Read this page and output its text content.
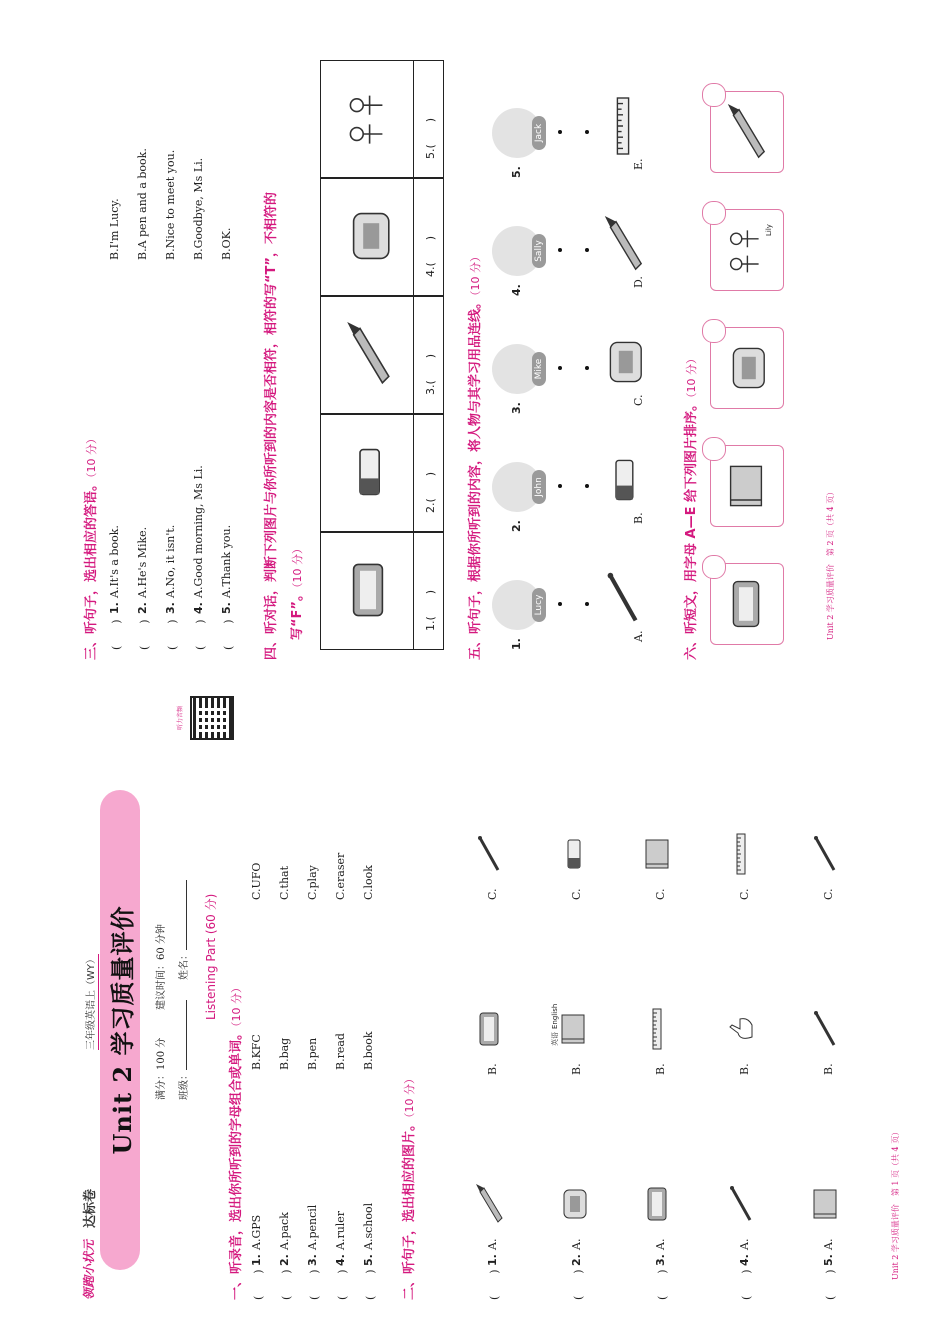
领跑小状元
达标卷
三年级英语上（WY） Unit 2 学习质量评价	满分：100 分
建议时间：60 分钟
班级：
姓名：
听力音频
Listening Part (60 分)
一、听录音，选出你所听到的字母组合或单词。（10 分）
(　　)
1.
A.GPS
B.KFC
C.UFO
(　　)
2.
A.pack
B.bag
C.that
(　　)
3.
A.pencil
B.pen
C.play
(　　)
4.
A.ruler
B.read
C.eraser
(　　)
5.
A.school
B.book
C.look
二、听句子，选出相应的图片。（10 分）
(　　)
1.
A.
B.
C.
(　　)
2.
A.
B.
C.
(　　)
3.
A.
B.
C.
(　　)
4.
A.
B.
C.
(　　)
5.
A.
B.
C.
英语English
Unit 2 学习质量评价　第 1 页（共 4 页）
三、听句子，选出相应的答语。（10 分）
(　　)
1.
A.It's a book.
B.I'm Lucy.
(　　)
2.
A.He's Mike.
B.A pen and a book.
(　　)
3.
A.No, it isn't.
B.Nice to meet you.
(　　)
4.
A.Good morning, Ms Li.
B.Goodbye, Ms Li.
(　　)
5.
A.Thank you.
B.OK.	四、听对话，判断下列图片与你所听到的内容是否相符，相符的写“T”，不相符的 写“F”。（10 分）
1.(　　)
2.(　　)
3.(　　)
4.(　　)
5.(　　)
五、听句子，根据你所听到的内容，将人物与其学习用品连线。（10 分）
1.
Lucy
2.
John
3.
Mike
4.
Sally
5.
Jack
A.
B.
C.
D.
E.
六、听短文，用字母 A—E 给下列图片排序。（10 分）
Lily
Unit 2 学习质量评价　第 2 页（共 4 页）
